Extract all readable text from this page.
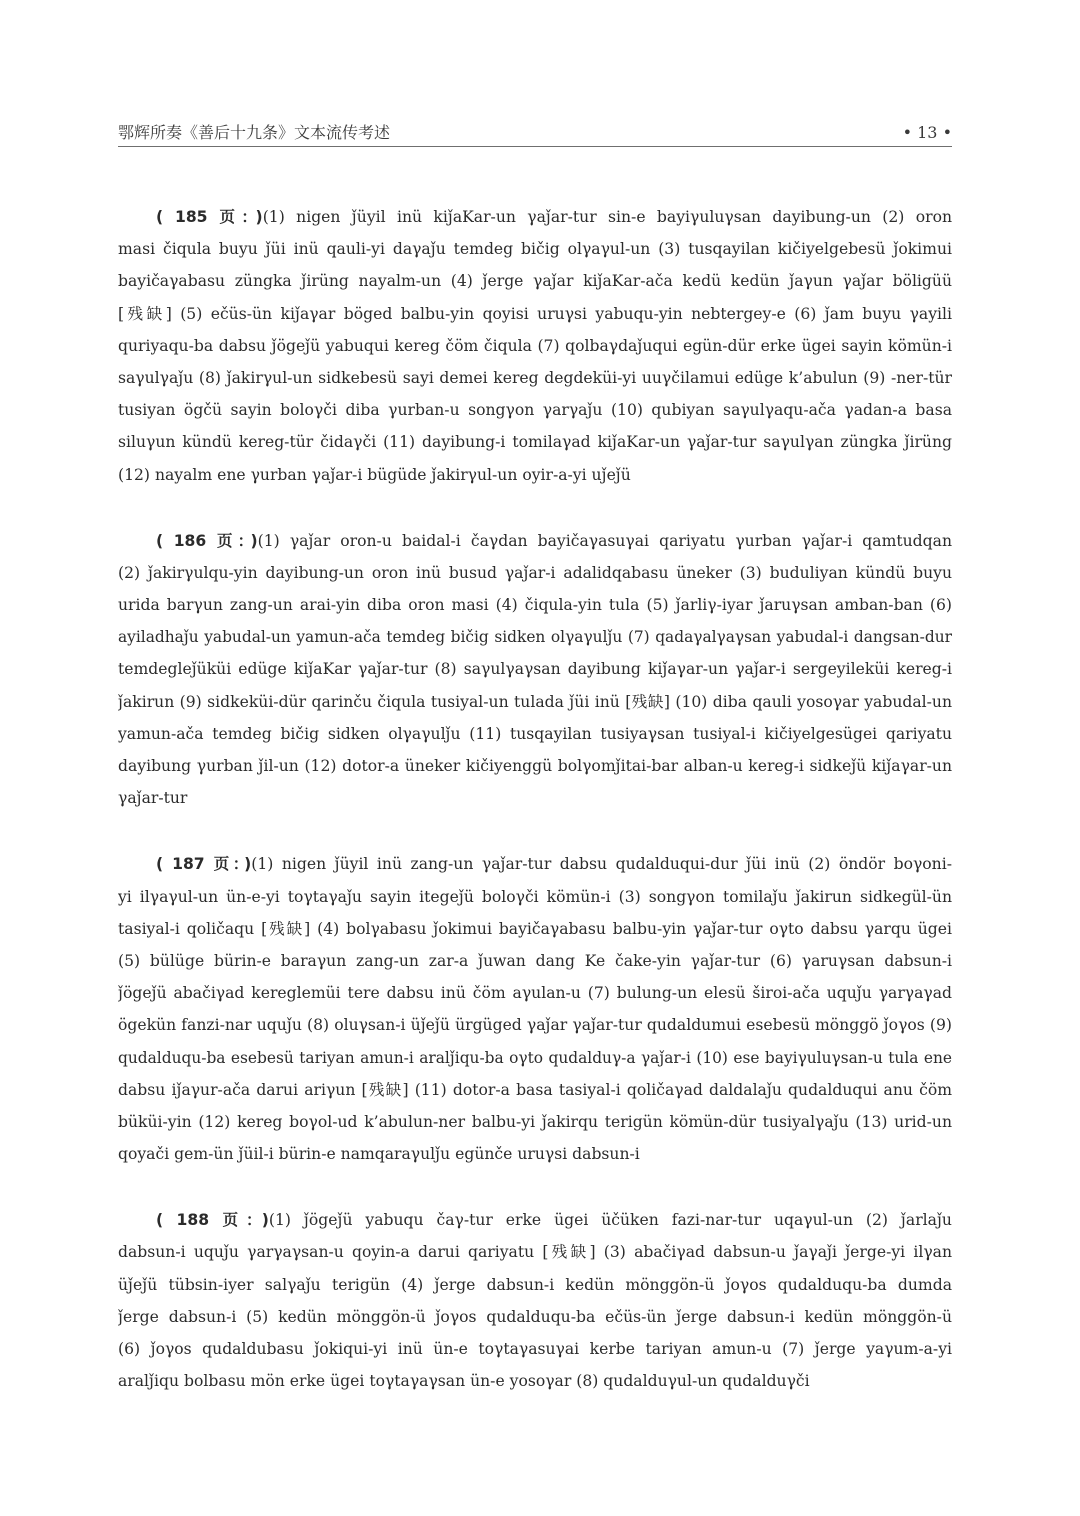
鄂辉所奏《善后十九条》文本流传考述	• 13 •
( 185 页：)(1) nigen ǰüyil inü kiǰaKar-un γaǰar-tur sin-e bayiγuluγsan dayibung-un (2) oron
masi čiqula buyu ǰüi inü qauli-yi daγaǰu temdeg bičig olγaγul-un (3) tusqayilan kičiyelgebesü ǰokimui
bayičaγabasu züngka ǰirüng nayalm-un (4) ǰerge γaǰar kiǰaKar-ača kedü kedün ǰaγun γaǰar böligüü
[残缺] (5) ečüs-ün kiǰaγar böged balbu-yin qoyisi uruγsi yabuqu-yin nebtergey-e (6) ǰam buyu γayili
quriyaqu-ba dabsu ǰögeǰü yabuqui kereg čöm čiqula (7) qolbaγdaǰuqui egün-dür erke ügei sayin kömün-i
saγulγaǰu (8) ǰakirγul-un sidkebesü sayi demei kereg degdeküi-yi uuγčilamui edüge k’abulun (9) -ner-tür
tusiyan ögčü sayin boloγči diba γurban-u songγon γarγaǰu (10) qubiyan saγulγaqu-ača γadan-a basa
siluγun kündü kereg-tür čidaγči (11) dayibung-i tomilaγad kiǰaKar-un γaǰar-tur saγulγan züngka ǰirüng
(12) nayalm ene γurban γaǰar-i bügüde ǰakirγul-un oyir-a-yi uǰeǰü
( 186 页：)(1) γaǰar oron-u baidal-i čaγdan bayičaγasuγai qariyatu γurban γaǰar-i qamtudqan
(2) ǰakirγulqu-yin dayibung-un oron inü busud γaǰar-i adalidqabasu üneker (3) buduliyan kündü buyu
urida barγun zang-un arai-yin diba oron masi (4) čiqula-yin tula (5) ǰarliγ-iyar ǰaruγsan amban-ban (6)
ayiladhaǰu yabudal-un yamun-ača temdeg bičig sidken olγaγulǰu (7) qadaγalγaγsan yabudal-i dangsan-dur
temdegleǰüküi edüge kiǰaKar γaǰar-tur (8) saγulγaγsan dayibung kiǰaγar-un γaǰar-i sergeyileküi kereg-i
ǰakirun (9) sidkeküi-dür qarinču čiqula tusiyal-un tulada ǰüi inü [残缺] (10) diba qauli yosoγar yabudal-un
yamun-ača temdeg bičig sidken olγaγulǰu (11) tusqayilan tusiyaγsan tusiyal-i kičiyelgesügei qariyatu
dayibung γurban ǰil-un (12) dotor-a üneker kičiyenggü bolγomǰitai-bar alban-u kereg-i sidkeǰü kiǰaγar-un
γaǰar-tur
( 187 页：)(1) nigen ǰüyil inü zang-un γaǰar-tur dabsu qudalduqui-dur ǰüi inü (2) öndör boγoni-
yi ilγaγul-un ün-e-yi toγtaγaǰu sayin itegeǰü boloγči kömün-i (3) songγon tomilaǰu ǰakirun sidkegül-ün
tasiyal-i qoličaqu [残缺] (4) bolγabasu ǰokimui bayičaγabasu balbu-yin γaǰar-tur oγto dabsu γarqu ügei
(5) bülüge bürin-e baraγun zang-un zar-a ǰuwan dang Ke čake-yin γaǰar-tur (6) γaruγsan dabsun-i
ǰögeǰü abačiγad kereglemüi tere dabsu inü čöm aγulan-u (7) bulung-un elesü široi-ača uquǰu γarγaγad
ögekün fanzi-nar uquǰu (8) oluγsan-i üǰeǰü ürgüged γaǰar γaǰar-tur qudaldumui esebesü mönggö ǰoγos (9)
qudalduqu-ba esebesü tariyan amun-i aralǰiqu-ba oγto qudalduγ-a γaǰar-i (10) ese bayiγuluγsan-u tula ene
dabsu iǰaγur-ača darui ariγun [残缺] (11) dotor-a basa tasiyal-i qoličaγad daldalaǰu qudalduqui anu čöm
büküi-yin (12) kereg boγol-ud k’abulun-ner balbu-yi ǰakirqu terigün kömün-dür tusiyalγaǰu (13) urid-un
qoyači gem-ün ǰüil-i bürin-e namqaraγulǰu egünče uruγsi dabsun-i
( 188 页：)(1) ǰögeǰü yabuqu čaγ-tur erke ügei üčüken fazi-nar-tur uqaγul-un (2) ǰarlaǰu
dabsun-i uquǰu γarγaγsan-u qoyin-a darui qariyatu [残缺] (3) abačiγad dabsun-u ǰaγaǰi ǰerge-yi ilγan
üǰeǰü tübsin-iyer salγaǰu terigün (4) ǰerge dabsun-i kedün mönggön-ü ǰoγos qudalduqu-ba dumda
ǰerge dabsun-i (5) kedün mönggön-ü ǰoγos qudalduqu-ba ečüs-ün ǰerge dabsun-i kedün mönggön-ü
(6) ǰoγos qudaldubasu ǰokiqui-yi inü ün-e toγtaγasuγai kerbe tariyan amun-u (7) ǰerge yaγum-a-yi
aralǰiqu bolbasu mön erke ügei toγtaγaγsan ün-e yosoγar (8) qudalduγul-un qudalduγči
